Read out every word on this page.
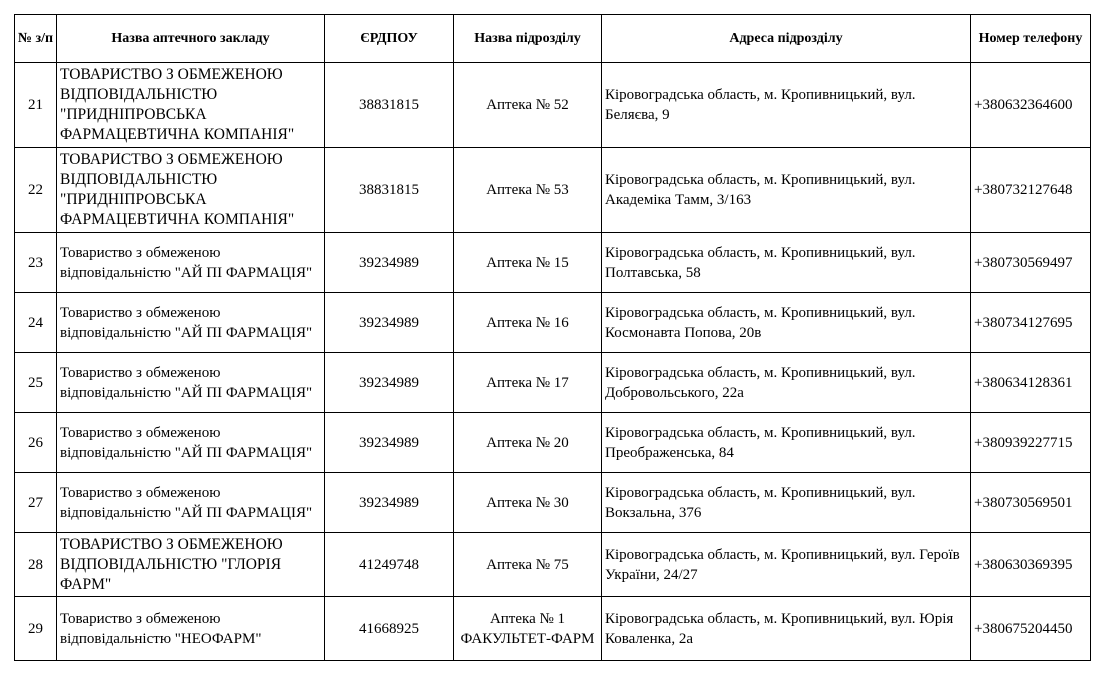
№ з/п	Назва аптечного закладу	ЄРДПОУ	Назва підрозділу	Адреса підрозділу	Номер телефону
21	ТОВАРИСТВО З ОБМЕЖЕНОЮ ВІДПОВІДАЛЬНІСТЮ "ПРИДНІПРОВСЬКА ФАРМАЦЕВТИЧНА КОМПАНІЯ"	38831815	Аптека № 52	Кіровоградська область, м. Кропивницький, вул. Беляєва, 9	+380632364600
22	ТОВАРИСТВО З ОБМЕЖЕНОЮ ВІДПОВІДАЛЬНІСТЮ "ПРИДНІПРОВСЬКА ФАРМАЦЕВТИЧНА КОМПАНІЯ"	38831815	Аптека № 53	Кіровоградська область, м. Кропивницький, вул. Академіка Тамм, 3/163	+380732127648
23	Товариство з обмеженою відповідальністю "АЙ ПІ ФАРМАЦІЯ"	39234989	Аптека № 15	Кіровоградська область, м. Кропивницький, вул. Полтавська, 58	+380730569497
24	Товариство з обмеженою відповідальністю "АЙ ПІ ФАРМАЦІЯ"	39234989	Аптека № 16	Кіровоградська область, м. Кропивницький, вул. Космонавта Попова, 20в	+380734127695
25	Товариство з обмеженою відповідальністю "АЙ ПІ ФАРМАЦІЯ"	39234989	Аптека № 17	Кіровоградська область, м. Кропивницький, вул. Добровольського, 22а	+380634128361
26	Товариство з обмеженою відповідальністю "АЙ ПІ ФАРМАЦІЯ"	39234989	Аптека № 20	Кіровоградська область, м. Кропивницький, вул. Преображенська, 84	+380939227715
27	Товариство з обмеженою відповідальністю "АЙ ПІ ФАРМАЦІЯ"	39234989	Аптека № 30	Кіровоградська область, м. Кропивницький, вул. Вокзальна, 376	+380730569501
28	ТОВАРИСТВО З ОБМЕЖЕНОЮ ВІДПОВІДАЛЬНІСТЮ "ГЛОРІЯ ФАРМ"	41249748	Аптека № 75	Кіровоградська область, м. Кропивницький, вул. Героїв України, 24/27	+380630369395
29	Товариство з обмеженою відповідальністю "НЕОФАРМ"	41668925	Аптека № 1 ФАКУЛЬТЕТ-ФАРМ	Кіровоградська область, м. Кропивницький, вул. Юрія Коваленка, 2а	+380675204450
